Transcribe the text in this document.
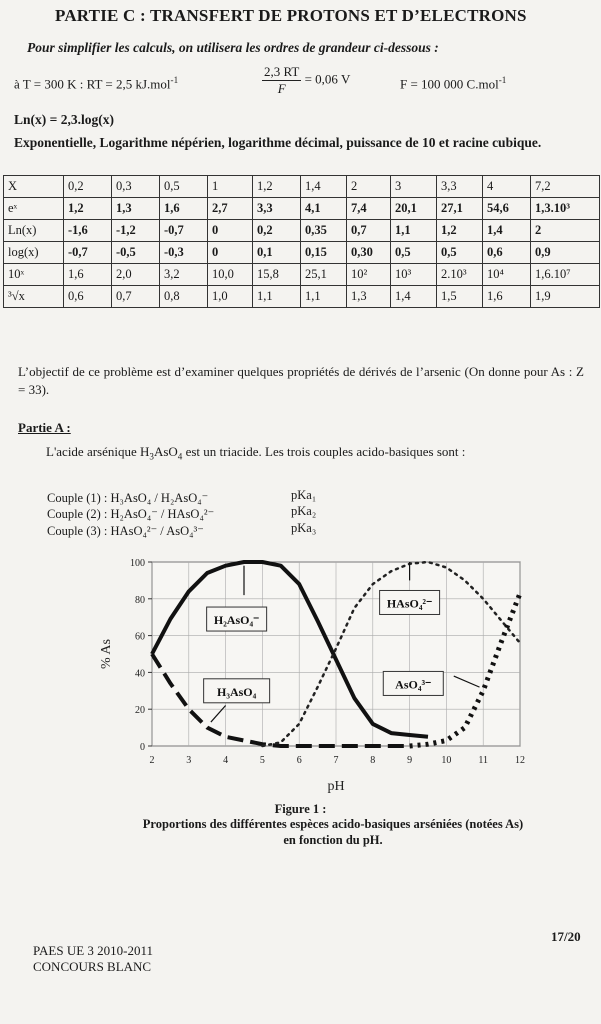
PARTIE C : TRANSFERT DE PROTONS ET D’ELECTRONS
Pour simplifier les calculs, on utilisera les ordres de grandeur ci-dessous :
à T = 300 K : RT = 2,5 kJ.mol$^{-1}$	$\frac{2,3 RT}{F} = 0,06$ V	F = 100 000 C.mol$^{-1}$
Ln(x) = 2,3.log(x)
Exponentielle, Logarithme népérien, logarithme décimal, puissance de 10 et racine cubique.
X	0,2	0,3	0,5	1	1,2	1,4	2	3	3,3	4	7,2
eˣ	1,2	1,3	1,6	2,7	3,3	4,1	7,4	20,1	27,1	54,6	1,3.10³
Ln(x)	-1,6	-1,2	-0,7	0	0,2	0,35	0,7	1,1	1,2	1,4	2
log(x)	-0,7	-0,5	-0,3	0	0,1	0,15	0,30	0,5	0,5	0,6	0,9
10ˣ	1,6	2,0	3,2	10,0	15,8	25,1	10²	10³	2.10³	10⁴	1,6.10⁷
³√x	0,6	0,7	0,8	1,0	1,1	1,1	1,3	1,4	1,5	1,6	1,9
L’objectif de ce problème est d’examiner quelques propriétés de dérivés de l’arsenic (On donne pour As : Z = 33).
Partie A :
L'acide arsénique $H_3AsO_4$ est un triacide. Les trois couples acido-basiques sont :
Couple (1) : H₃AsO₄ / H₂AsO₄⁻
Couple (2) : H₂AsO₄⁻ / HAsO₄²⁻
Couple (3) : HAsO₄²⁻ / AsO₄³⁻
pKa₁
pKa₂
pKa₃
2	3	4	5	6	7	8	9	10	11	12
0
20
40
60
80
100
pH
% As
H₂AsO₄⁻
HAsO₄²⁻
H₃AsO₄
AsO₄³⁻
Figure 1 :
Proportions des différentes espèces acido-basiques arséniées (notées As)
en fonction du pH.
17/20
PAES UE 3 2010-2011
CONCOURS BLANC
